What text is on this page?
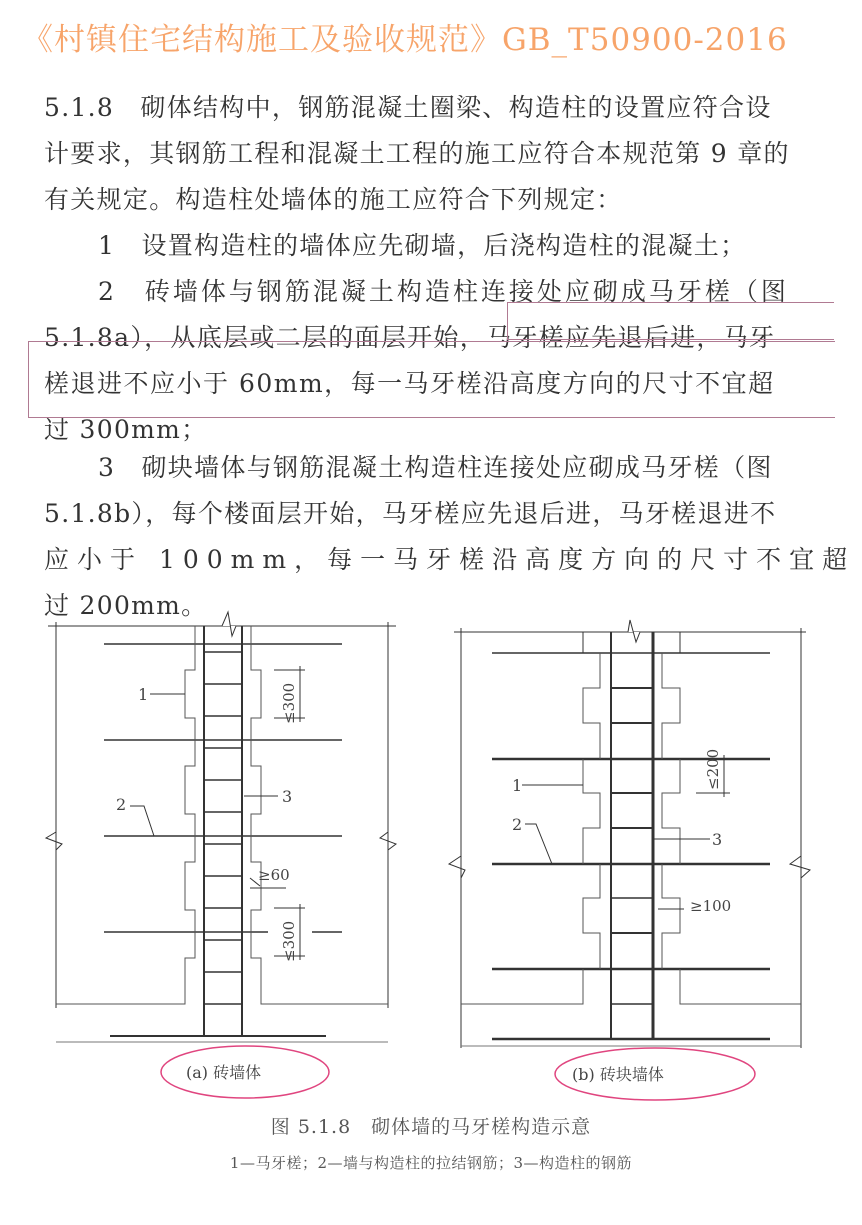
《村镇住宅结构施工及验收规范》GB_T50900-2016
5.1.8　砌体结构中，钢筋混凝土圈梁、构造柱的设置应符合设
计要求，其钢筋工程和混凝土工程的施工应符合本规范第 9 章的
有关规定。构造柱处墙体的施工应符合下列规定：
1　设置构造柱的墙体应先砌墙，后浇构造柱的混凝土；
2　砖墙体与钢筋混凝土构造柱连接处应砌成马牙槎（图
5.1.8a），从底层或二层的面层开始，马牙槎应先退后进，马牙
槎退进不应小于 60mm，每一马牙槎沿高度方向的尺寸不宜超
过 300mm；
3　砌块墙体与钢筋混凝土构造柱连接处应砌成马牙槎（图
5.1.8b），每个楼面层开始，马牙槎应先退后进，马牙槎退进不
应小于 100mm，每一马牙槎沿高度方向的尺寸不宜超
过 200mm。
1
2	3
≥60
≤300
≤300
(a) 砖墙体
1
2
3
≥100
≤200
(b) 砖块墙体
图 5.1.8　砌体墙的马牙槎构造示意
1—马牙槎；2—墙与构造柱的拉结钢筋；3—构造柱的钢筋
